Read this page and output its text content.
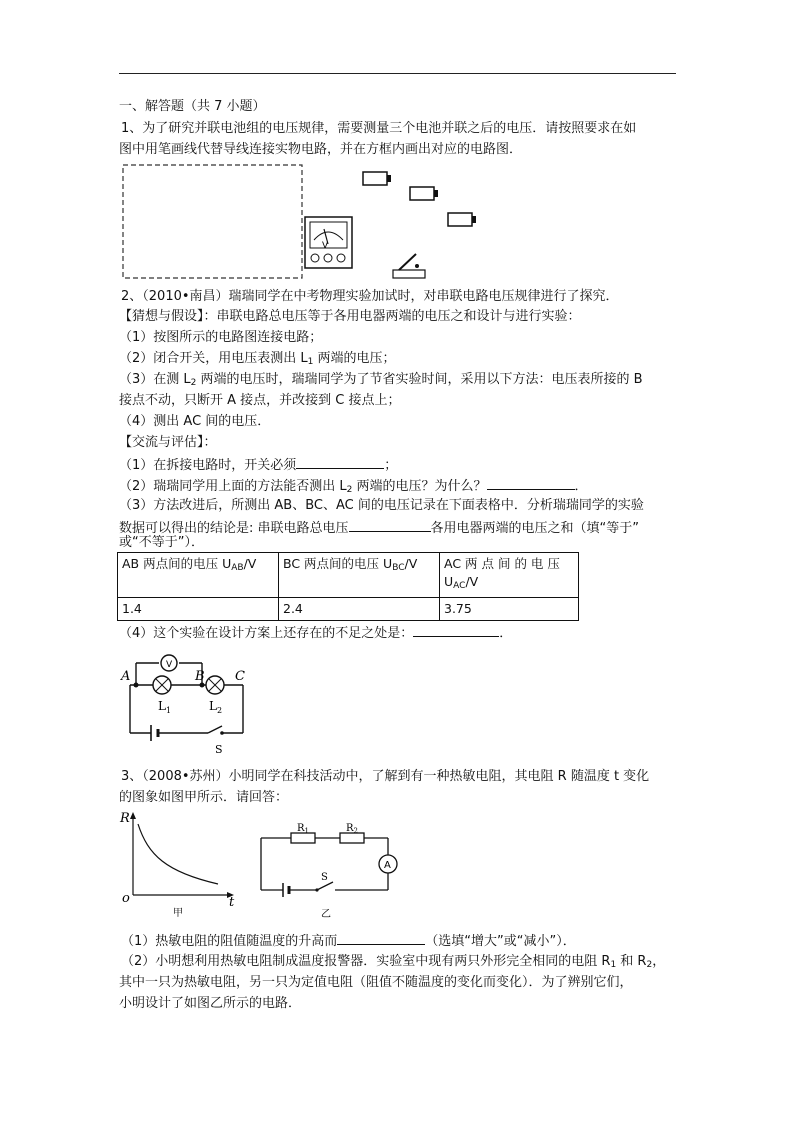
一、解答题（共 7 小题）
1、为了研究并联电池组的电压规律，需要测量三个电池并联之后的电压．请按照要求在如
图中用笔画线代替导线连接实物电路，并在方框内画出对应的电路图．
V
2、（2010•南昌）瑞瑞同学在中考物理实验加试时，对串联电路电压规律进行了探究．
【猜想与假设】：串联电路总电压等于各用电器两端的电压之和设计与进行实验：
（1）按图所示的电路图连接电路；
（2）闭合开关，用电压表测出 $L_1$ 两端的电压；
（3）在测 $L_2$ 两端的电压时，瑞瑞同学为了节省实验时间，采用以下方法：电压表所接的 B
接点不动，只断开 A 接点，并改接到 C 接点上；
（4）测出 AC 间的电压．
【交流与评估】：
（1）在拆接电路时，开关必须	；
（2）瑞瑞同学用上面的方法能否测出 $L_2$ 两端的电压？为什么？	．
（3）方法改进后，所测出 AB、BC、AC 间的电压记录在下面表格中．分析瑞瑞同学的实验
数据可以得出的结论是: 串联电路总电压	各用电器两端的电压之和（填“等于”
或“不等于”）．
AB 两点间的电压 $U_{AB}/V$	BC 两点间的电压 $U_{BC}/V$	AC 两 点 间 的 电 压
$U_{AC}/V$
1.4	2.4	3.75
（4）这个实验在设计方案上还存在的不足之处是：	．
A	B C
V
$L_1$	$L_2$
S
3、（2008•苏州）小明同学在科技活动中，了解到有一种热敏电阻，其电阻 R 随温度 t 变化
的图象如图甲所示．请回答：
R
t
o
甲
$R_1$	$R_2$
A
S
乙
（1）热敏电阻的阻值随温度的升高而	（选填“增大”或“减小”）．
（2）小明想利用热敏电阻制成温度报警器．实验室中现有两只外形完全相同的电阻 $R_1$ 和 $R_2$，
其中一只为热敏电阻，另一只为定值电阻（阻值不随温度的变化而变化）．为了辨别它们，
小明设计了如图乙所示的电路．
